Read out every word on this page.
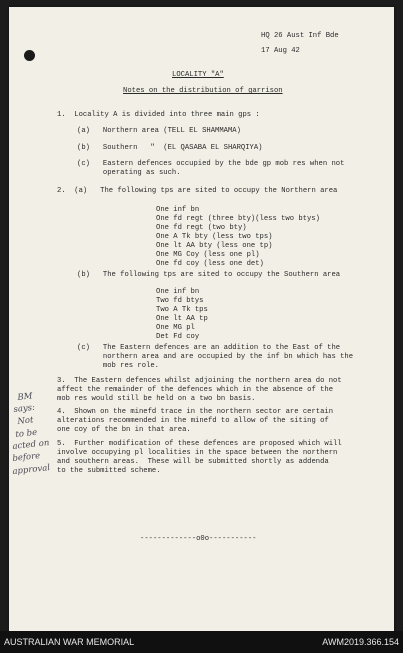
HQ 26 Aust Inf Bde
17 Aug 42
LOCALITY "A"
Notes on the distribution of garrison
1.  Locality A is divided into three main gps :
(a)   Northern area (TELL EL SHAMMAMA)
(b)   Southern   "  (EL QASABA EL SHARQIYA)
(c)   Eastern defences occupied by the bde gp mob res when not
operating as such.
2.  (a)   The following tps are sited to occupy the Northern area
One inf bn
One fd regt (three bty)(less two btys)
One fd regt (two bty)
One A Tk bty (less two tps)
One lt AA bty (less one tp)
One MG Coy (less one pl)
One fd coy (less one det)
(b)   The following tps are sited to occupy the Southern area
One inf bn
Two fd btys
Two A Tk tps
One lt AA tp
One MG pl
Det Fd coy
(c)   The Eastern defences are an addition to the East of the
northern area and are occupied by the inf bn which has the
mob res role.
3.  The Eastern defences whilst adjoining the northern area do not
affect the remainder of the defences which in the absence of the
mob res would still be held on a two bn basis.
4.  Shown on the minefd trace in the northern sector are certain
alterations recommended in the minefd to allow of the siting of
one coy of the bn in that area.
5.  Further modification of these defences are proposed which will
involve occupying pl localities in the space between the northern
and southern areas.  These will be submitted shortly as addenda
to the submitted scheme.
-------------o0o-----------
BM
says:
Not
to be
acted on
before
approval
AUSTRALIAN WAR MEMORIAL	AWM2019.366.154
